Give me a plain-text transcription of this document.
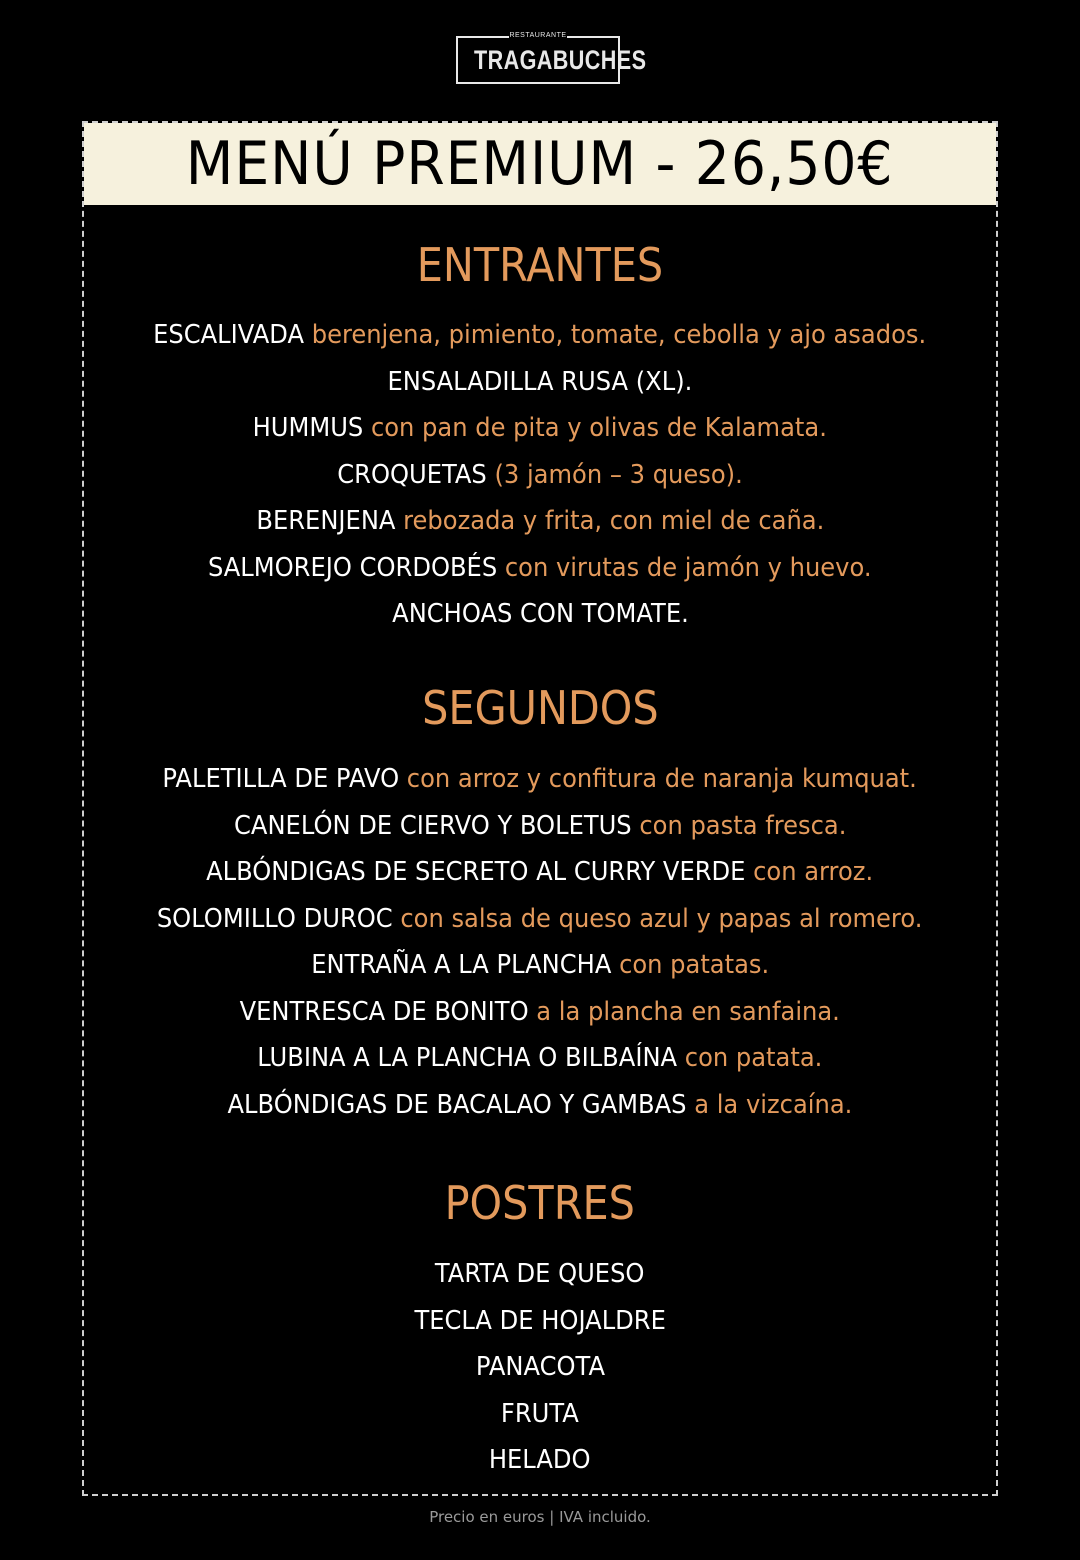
RESTAURANTE
TRAGABUCHES
MENÚ PREMIUM - 26,50€
ENTRANTES
ESCALIVADA berenjena, pimiento, tomate, cebolla y ajo asados.
ENSALADILLA RUSA (XL).
HUMMUS con pan de pita y olivas de Kalamata.
CROQUETAS (3 jamón – 3 queso).
BERENJENA rebozada y frita, con miel de caña.
SALMOREJO CORDOBÉS con virutas de jamón y huevo.
ANCHOAS CON TOMATE.
SEGUNDOS
PALETILLA DE PAVO con arroz y confitura de naranja kumquat.
CANELÓN DE CIERVO Y BOLETUS con pasta fresca.
ALBÓNDIGAS DE SECRETO AL CURRY VERDE con arroz.
SOLOMILLO DUROC con salsa de queso azul y papas al romero.
ENTRAÑA A LA PLANCHA con patatas.
VENTRESCA DE BONITO a la plancha en sanfaina.
LUBINA A LA PLANCHA O BILBAÍNA con patata.
ALBÓNDIGAS DE BACALAO Y GAMBAS a la vizcaína.
POSTRES
TARTA DE QUESO
TECLA DE HOJALDRE
PANACOTA
FRUTA
HELADO
Precio en euros | IVA incluido.
